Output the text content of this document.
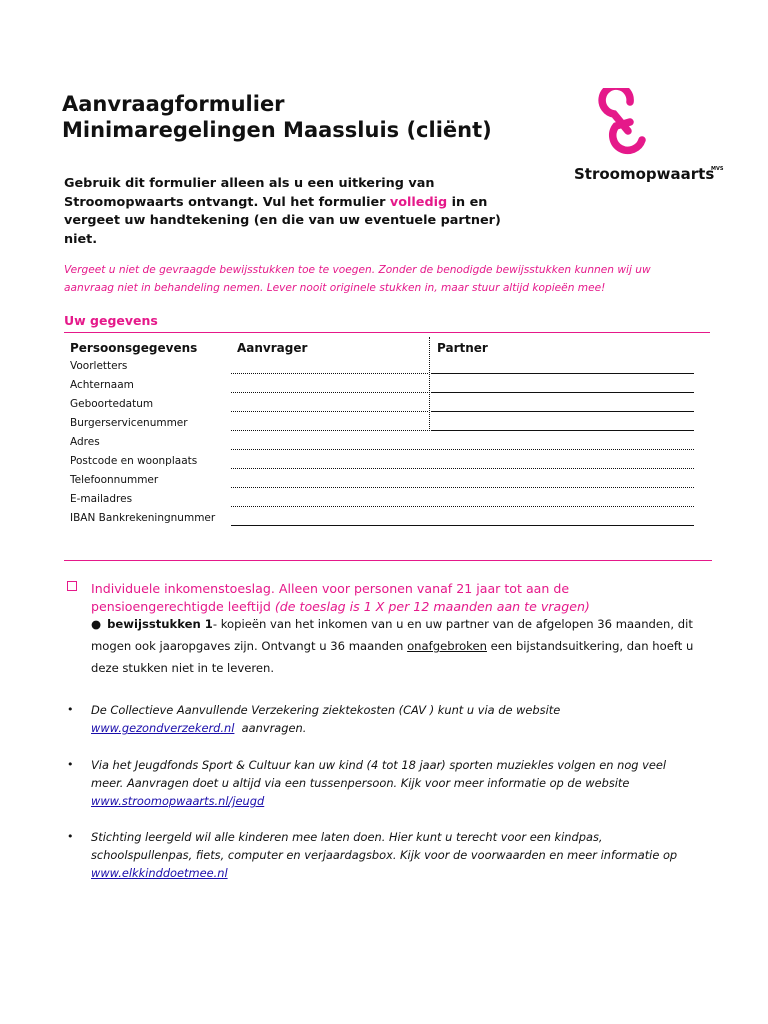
Aanvraagformulier
Minimaregelingen Maassluis (cliënt)
Stroomopwaarts
MVS
Gebruik dit formulier alleen als u een uitkering van Stroomopwaarts ontvangt. Vul het formulier volledig in en vergeet uw handtekening (en die van uw eventuele partner) niet.
Vergeet u niet de gevraagde bewijsstukken toe te voegen. Zonder de benodigde bewijsstukken kunnen wij uw
aanvraag niet in behandeling nemen. Lever nooit originele stukken in, maar stuur altijd kopieën mee!
Uw gegevens
Persoonsgegevens	Aanvrager	Partner
Voorletters
Achternaam
Geboortedatum
Burgerservicenummer
Adres
Postcode en woonplaats
Telefoonnummer
E-mailadres
IBAN Bankrekeningnummer
Individuele inkomenstoeslag. Alleen voor personen vanaf 21 jaar tot aan de
pensioengerechtigde leeftijd (de toeslag is 1 X per 12 maanden aan te vragen)
● bewijsstukken 1- kopieën van het inkomen van u en uw partner van de afgelopen 36 maanden, dit
mogen ook jaaropgaves zijn. Ontvangt u 36 maanden onafgebroken een bijstandsuitkering, dan hoeft u
deze stukken niet in te leveren.
• De Collectieve Aanvullende Verzekering ziektekosten (CAV ) kunt u via de website
www.gezondverzekerd.nl  aanvragen.
• Via het Jeugdfonds Sport & Cultuur kan uw kind (4 tot 18 jaar) sporten muziekles volgen en nog veel
meer. Aanvragen doet u altijd via een tussenpersoon. Kijk voor meer informatie op de website
www.stroomopwaarts.nl/jeugd
• Stichting leergeld wil alle kinderen mee laten doen. Hier kunt u terecht voor een kindpas,
schoolspullenpas, fiets, computer en verjaardagsbox. Kijk voor de voorwaarden en meer informatie op
www.elkkinddoetmee.nl
